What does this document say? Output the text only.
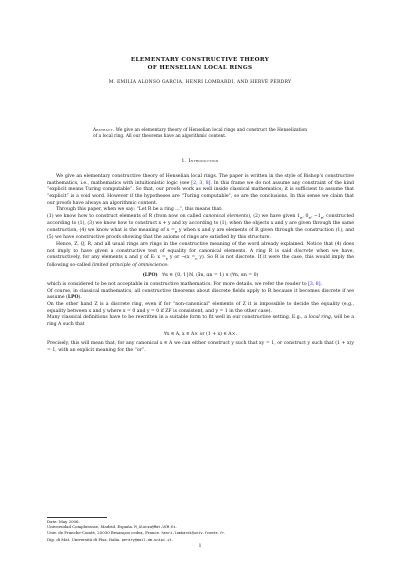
ELEMENTARY CONSTRUCTIVE THEORY
OF HENSELIAN LOCAL RINGS
M. EMILIA ALONSO GARCIA, HENRI LOMBARDI, AND HERVÉ PERDRY
Abstract. We give an elementary theory of Henselian local rings and construct the Henselization of a local ring. All our theorems have an algorithmic content.
1. Introduction

We give an elementary constructive theory of Henselian local rings. The paper is written in the style of Bishop’s constructive mathematics, i.e., mathematics with intuitionistic logic (see [2, 3, 8]. In this frame we do not assume any constraint of the kind “explicit means Turing computable”. So that, our proofs work as well inside classical mathematics; it is sufficient to assume that “explicit” is a void word. However if the hypotheses are “Turing computable”, so are the conclusions. In this sense we claim that our proofs have always an algorithmic content.

Through this paper, when we say: “Let R be a ring ...”, this means that:

(1) we know how to construct elements of R (from now on called canonical elements), (2) we have given $1_R$, $0_R$, $-1_R$, constructed according to (1), (3) we know how to construct x + y and xy according to (1), when the objects x and y are given through the same construction, (4) we know what is the meaning of $x =_R$ y when x and y are elements of R given through the construction (1), and (5) we have constructive proofs showing that the axioms of rings are satisfied by this structure.

Hence, Z, Q, R, and all usual rings are rings in the constructive meaning of the word already explained. Notice that (4) does not imply to have given a constructive test of equality for canonical elements. A ring R is said discrete when we have, constructively, for any elements x and y of E: $x =_E$ y or ¬(x $=_E$ y). So R is not discrete. If it were the case, this would imply the following so-called limited principle of omniscience:

(LPO) ∀α ∈ {0, 1}ℕ, (∃n, αn = 1) ∨ (∀n, αn = 0)

which is considered to be not acceptable in constructive mathematics. For more details, we refer the reader to [3, 8].

Of course, in classical mathematics, all constructive theorems about discrete fields apply to R because it becomes discrete if we assume (LPO).

On the other hand Z is a discrete ring, even if for “non-canonical” elements of Z it is impossible to decide the equality (e.g., equality between x and y where x = 0 and y = 0 if ZF is consistent, and y = 1 in the other case).

Many classical definitions have to be rewritten in a suitable form to fit well in our constructive setting. E.g., a local ring, will be a ring A such that

∀x ∈ A, x ∈ A× or (1 + x) ∈ A×.

Precisely, this will mean that, for any canonical x ∈ A we can either construct y such that xy = 1, or construct y such that (1 + x)y = 1, with an explicit meaning for the “or”.

Date: May 2006.
Universidad Complutense, Madrid, España. M_Alonso@Mat.UCM.Es.
Univ. de Franche-Comté, 25030 Besançon cedex, France. henri.lombardi@univ-fcomte.fr.
Dip. di Mat. Università di Pisa. Italia. perdry@mail.dm.unipi.it.
1
